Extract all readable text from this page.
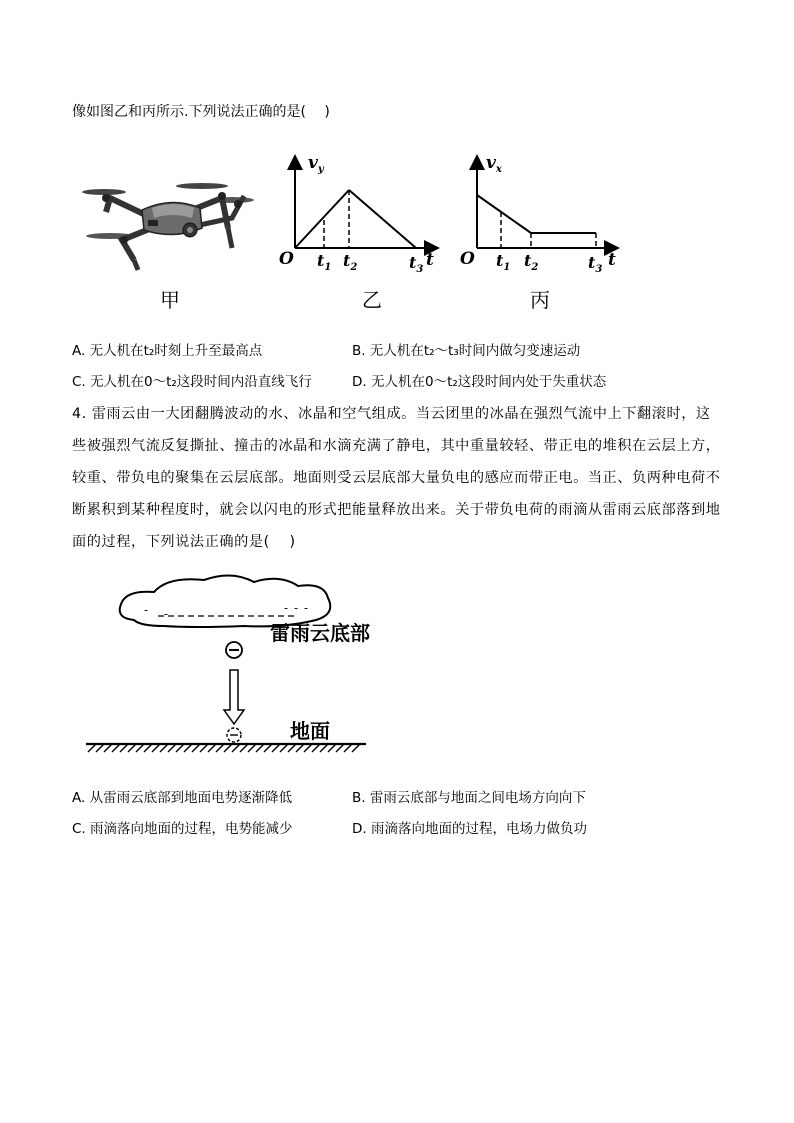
像如图乙和丙所示.下列说法正确的是(　 )
甲
$v_y$
t
O $t_1$ $t_2$	$t_3$
乙
$v_x$
t
O $t_1$ $t_2$	$t_3$
丙
A. 无人机在t₂时刻上升至最高点	B. 无人机在t₂～t₃时间内做匀变速运动
C. 无人机在0～t₂这段时间内沿直线飞行	D. 无人机在0～t₂这段时间内处于失重状态
4. 雷雨云由一大团翻腾波动的水、冰晶和空气组成。当云团里的冰晶在强烈气流中上下翻滚时，这些被强烈气流反复撕扯、撞击的冰晶和水滴充满了静电，其中重量较轻、带正电的堆积在云层上方，较重、带负电的聚集在云层底部。地面则受云层底部大量负电的感应而带正电。当正、负两种电荷不断累积到某种程度时，就会以闪电的形式把能量释放出来。关于带负电荷的雨滴从雷雨云底部落到地面的过程，下列说法正确的是(　 )
- -	- - -
雷雨云底部
地面
A. 从雷雨云底部到地面电势逐渐降低	B. 雷雨云底部与地面之间电场方向向下
C. 雨滴落向地面的过程，电势能减少	D. 雨滴落向地面的过程，电场力做负功
